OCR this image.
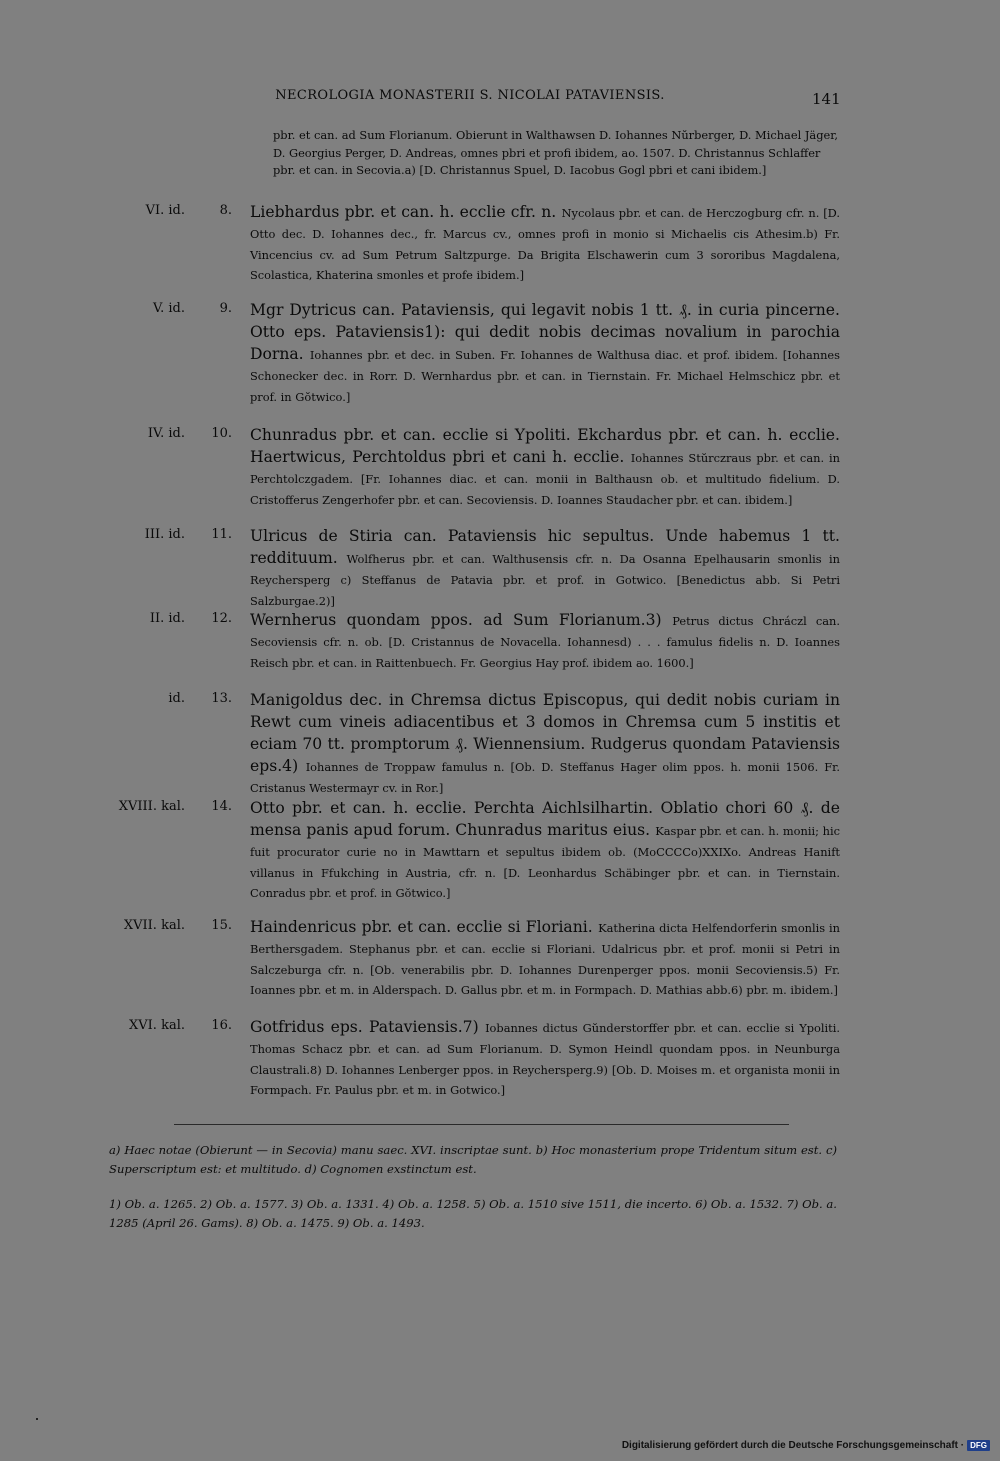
NECROLOGIA MONASTERII S. NICOLAI PATAVIENSIS.	141
pbr. et can. ad Sum Florianum. Obierunt in Walthawsen D. Iohannes Nŭrberger, D. Michael Jäger, D. Georgius Perger, D. Andreas, omnes pbri et profi ibidem, ao. 1507. D. Christannus Schlaffer pbr. et can. in Secovia.a) [D. Christannus Spuel, D. Iacobus Gogl pbri et cani ibidem.]
VI. id.	8. Liebhardus pbr. et can. h. ecclie cfr. n. Nycolaus pbr. et can. de Herczogburg cfr. n. [D. Otto dec. D. Iohannes dec., fr. Marcus cv., omnes profi in monio si Michaelis cis Athesim.b) Fr. Vincencius cv. ad Sum Petrum Saltzpurge. Da Brigita Elschawerin cum 3 sororibus Magdalena, Scolastica, Khaterina smonles et profe ibidem.]
V. id.	9. Mgr Dytricus can. Pataviensis, qui legavit nobis 1 tt. ₰. in curia pincerne. Otto eps. Pataviensis1): qui dedit nobis decimas novalium in parochia Dorna. Iohannes pbr. et dec. in Suben. Fr. Iohannes de Walthusa diac. et prof. ibidem. [Iohannes Schonecker dec. in Rorr. D. Wernhardus pbr. et can. in Tiernstain. Fr. Michael Helmschicz pbr. et prof. in Gŏtwico.]
IV. id.	10. Chunradus pbr. et can. ecclie si Ypoliti. Ekchardus pbr. et can. h. ecclie. Haertwicus, Perchtoldus pbri et cani h. ecclie. Iohannes Stŭrczraus pbr. et can. in Perchtolczgadem. [Fr. Iohannes diac. et can. monii in Balthausn ob. et multitudo fidelium. D. Cristofferus Zengerhofer pbr. et can. Secoviensis. D. Ioannes Staudacher pbr. et can. ibidem.]
III. id.	11. Ulricus de Stiria can. Pataviensis hic sepultus. Unde habemus 1 tt. reddituum. Wolfherus pbr. et can. Walthusensis cfr. n. Da Osanna Epelhausarin smonlis in Reychersperg c) Steffanus de Patavia pbr. et prof. in Gotwico. [Benedictus abb. Si Petri Salzburgae.2)]
II. id.	12. Wernherus quondam ppos. ad Sum Florianum.3) Petrus dictus Chráczl can. Secoviensis cfr. n. ob. [D. Cristannus de Novacella. Iohannesd) . . . famulus fidelis n. D. Ioannes Reisch pbr. et can. in Raittenbuech. Fr. Georgius Hay prof. ibidem ao. 1600.]
id.	13. Manigoldus dec. in Chremsa dictus Episcopus, qui dedit nobis curiam in Rewt cum vineis adiacentibus et 3 domos in Chremsa cum 5 institis et eciam 70 tt. promptorum ₰. Wiennensium. Rudgerus quondam Pataviensis eps.4) Iohannes de Troppaw famulus n. [Ob. D. Steffanus Hager olim ppos. h. monii 1506. Fr. Cristanus Westermayr cv. in Ror.]
XVIII. kal.	14. Otto pbr. et can. h. ecclie. Perchta Aichlsilhartin. Oblatio chori 60 ₰. de mensa panis apud forum. Chunradus maritus eius. Kaspar pbr. et can. h. monii; hic fuit procurator curie no in Mawttarn et sepultus ibidem ob. (MoCCCCo)XXIXo. Andreas Hanift villanus in Ffukching in Austria, cfr. n. [D. Leonhardus Schäbinger pbr. et can. in Tiernstain. Conradus pbr. et prof. in Gŏtwico.]
XVII. kal.	15. Haindenricus pbr. et can. ecclie si Floriani. Katherina dicta Helfendorferin smonlis in Berthersgadem. Stephanus pbr. et can. ecclie si Floriani. Udalricus pbr. et prof. monii si Petri in Salczeburga cfr. n. [Ob. venerabilis pbr. D. Iohannes Durenperger ppos. monii Secoviensis.5) Fr. Ioannes pbr. et m. in Alderspach. D. Gallus pbr. et m. in Formpach. D. Mathias abb.6) pbr. m. ibidem.]
XVI. kal.	16. Gotfridus eps. Pataviensis.7) Iobannes dictus Gŭnderstorffer pbr. et can. ecclie si Ypoliti. Thomas Schacz pbr. et can. ad Sum Florianum. D. Symon Heindl quondam ppos. in Neunburga Claustrali.8) D. Iohannes Lenberger ppos. in Reychersperg.9) [Ob. D. Moises m. et organista monii in Formpach. Fr. Paulus pbr. et m. in Gotwico.]
a) Haec notae (Obierunt — in Secovia) manu saec. XVI. inscriptae sunt. b) Hoc monasterium prope Tridentum situm est. c) Superscriptum est: et multitudo. d) Cognomen exstinctum est.
1) Ob. a. 1265. 2) Ob. a. 1577. 3) Ob. a. 1331. 4) Ob. a. 1258. 5) Ob. a. 1510 sive 1511, die incerto. 6) Ob. a. 1532. 7) Ob. a. 1285 (April 26. Gams). 8) Ob. a. 1475. 9) Ob. a. 1493.
Digitalisierung gefördert durch die Deutsche Forschungsgemeinschaft · DFG
